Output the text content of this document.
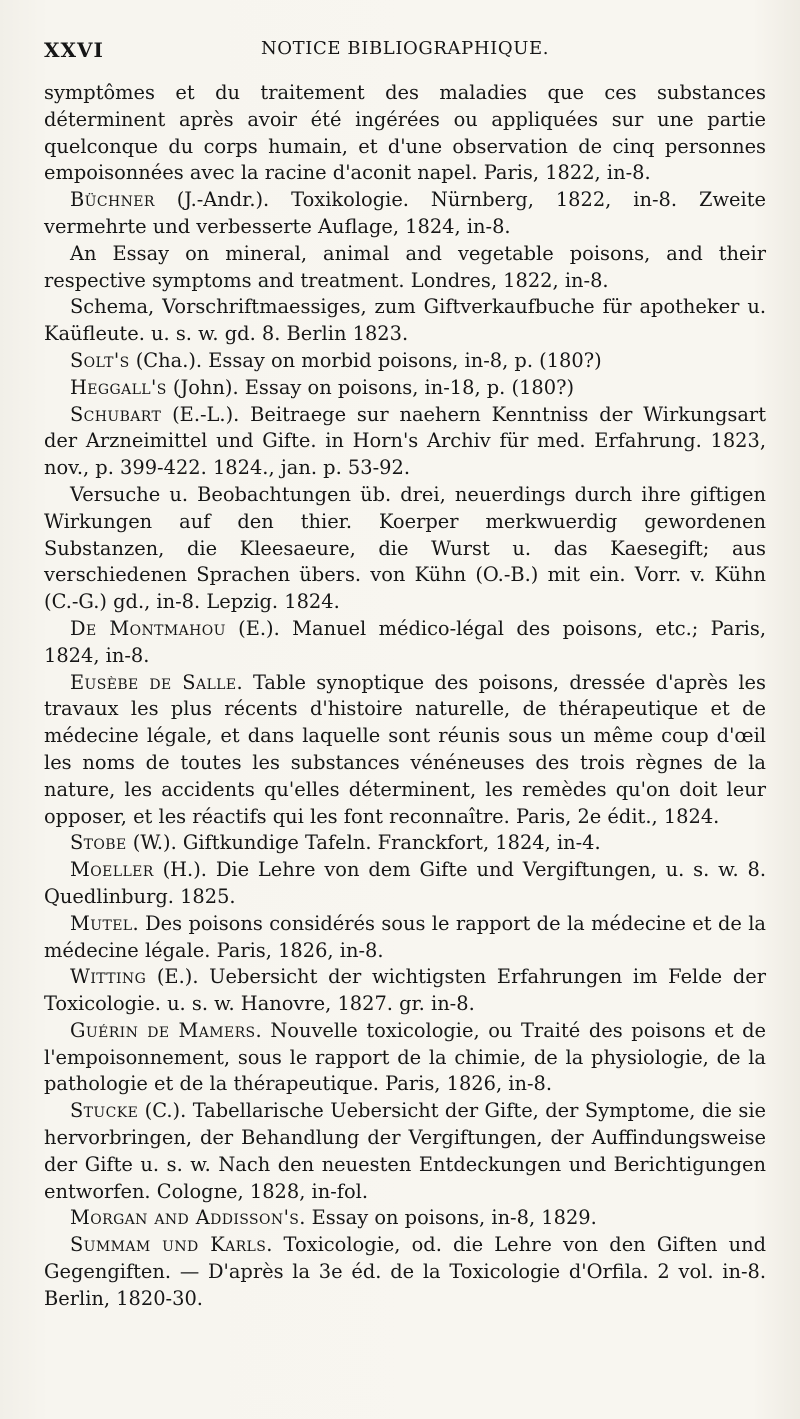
XXVI	NOTICE BIBLIOGRAPHIQUE.

symptômes et du traitement des maladies que ces substances déterminent après avoir été ingérées ou appliquées sur une partie quelconque du corps humain, et d'une observation de cinq personnes empoisonnées avec la racine d'aconit napel. Paris, 1822, in-8.

Büchner (J.-Andr.). Toxikologie. Nürnberg, 1822, in-8. Zweite vermehrte und verbesserte Auflage, 1824, in-8.

An Essay on mineral, animal and vegetable poisons, and their respective symptoms and treatment. Londres, 1822, in-8.

Schema, Vorschriftmaessiges, zum Giftverkaufbuche für apotheker u. Kaüfleute. u. s. w. gd. 8. Berlin 1823.

Solt's (Cha.). Essay on morbid poisons, in-8, p. (180?)

Heggall's (John). Essay on poisons, in-18, p. (180?)

Schubart (E.-L.). Beitraege sur naehern Kenntniss der Wirkungsart der Arzneimittel und Gifte. in Horn's Archiv für med. Erfahrung. 1823, nov., p. 399-422. 1824., jan. p. 53-92.

Versuche u. Beobachtungen üb. drei, neuerdings durch ihre giftigen Wirkungen auf den thier. Koerper merkwuerdig gewordenen Substanzen, die Kleesaeure, die Wurst u. das Kaesegift; aus verschiedenen Sprachen übers. von Kühn (O.-B.) mit ein. Vorr. v. Kühn (C.-G.) gd., in-8. Lepzig. 1824.

De Montmahou (E.). Manuel médico-légal des poisons, etc.; Paris, 1824, in-8.

Eusèbe de Salle. Table synoptique des poisons, dressée d'après les travaux les plus récents d'histoire naturelle, de thérapeutique et de médecine légale, et dans laquelle sont réunis sous un même coup d'œil les noms de toutes les substances vénéneuses des trois règnes de la nature, les accidents qu'elles déterminent, les remèdes qu'on doit leur opposer, et les réactifs qui les font reconnaître. Paris, 2e édit., 1824.

Stobe (W.). Giftkundige Tafeln. Franckfort, 1824, in-4.

Moeller (H.). Die Lehre von dem Gifte und Vergiftungen, u. s. w. 8. Quedlinburg. 1825.

Mutel. Des poisons considérés sous le rapport de la médecine et de la médecine légale. Paris, 1826, in-8.

Witting (E.). Uebersicht der wichtigsten Erfahrungen im Felde der Toxicologie. u. s. w. Hanovre, 1827. gr. in-8.

Guérin de Mamers. Nouvelle toxicologie, ou Traité des poisons et de l'empoisonnement, sous le rapport de la chimie, de la physiologie, de la pathologie et de la thérapeutique. Paris, 1826, in-8.

Stucke (C.). Tabellarische Uebersicht der Gifte, der Symptome, die sie hervorbringen, der Behandlung der Vergiftungen, der Auffindungsweise der Gifte u. s. w. Nach den neuesten Entdeckungen und Berichtigungen entworfen. Cologne, 1828, in-fol.

Morgan and Addisson's. Essay on poisons, in-8, 1829.

Summam und Karls. Toxicologie, od. die Lehre von den Giften und Gegengiften. — D'après la 3e éd. de la Toxicologie d'Orfila. 2 vol. in-8. Berlin, 1820-30.
